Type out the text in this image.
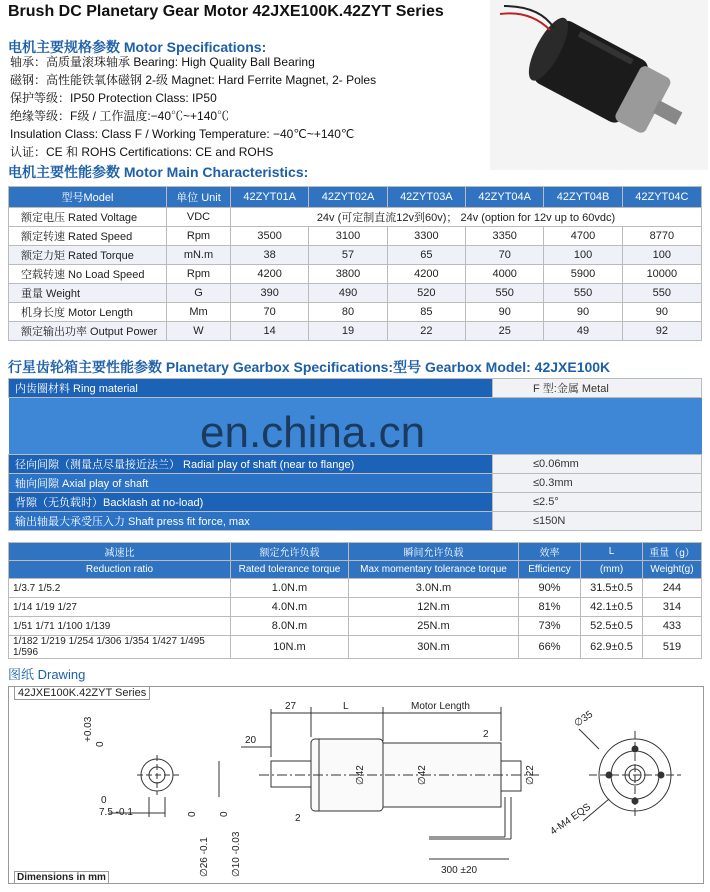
Brush DC Planetary Gear Motor 42JXE100K.42ZYT Series
电机主要规格参数 Motor Specifications:
轴承：高质量滚珠轴承 Bearing: High Quality Ball Bearing
磁钢：高性能铁氧体磁钢 2-级 Magnet: Hard Ferrite Magnet, 2- Poles
保护等级：IP50 Protection Class: IP50
绝缘等级：F级 / 工作温度:−40℃~+140℃
Insulation Class: Class F / Working Temperature: −40℃~+140℃
认证：CE 和 ROHS Certifications: CE and ROHS
电机主要性能参数 Motor Main Characteristics:
型号Model	单位 Unit	42ZYT01A	42ZYT02A	42ZYT03A	42ZYT04A	42ZYT04B	42ZYT04C
额定电压 Rated Voltage	VDC	24v (可定制直流12v到60v)； 24v (option for 12v up to 60vdc)					
额定转速 Rated Speed	Rpm	3500	3100	3300	3350	4700	8770
额定力矩 Rated Torque	mN.m	38	57	65	70	100	100
空载转速 No Load Speed	Rpm	4200	3800	4200	4000	5900	10000
重量 Weight	G	390	490	520	550	550	550
机身长度 Motor Length	Mm	70	80	85	90	90	90
额定输出功率 Output Power	W	14	19	22	25	49	92
行星齿轮箱主要性能参数 Planetary Gearbox Specifications:型号 Gearbox Model: 42JXE100K
内齿圈材料 Ring material	F 型:金属 Metal

径向间隙（测量点尽量接近法兰） Radial play of shaft (near to flange)	≤0.06mm
轴向间隙 Axial play of shaft	≤0.3mm
背隙（无负载时）Backlash at no-load)	≤2.5°
输出轴最大承受压入力 Shaft press fit force, max	≤150N
en.china.cn
减速比	额定允许负载	瞬间允许负载	效率	L	重量（g）
Reduction ratio	Rated tolerance torque	Max momentary tolerance torque	Efficiency	(mm)	Weight(g)
1/3.7 1/5.2	1.0N.m	3.0N.m	90%	31.5±0.5	244
1/14 1/19 1/27	4.0N.m	12N.m	81%	42.1±0.5	314
1/51 1/71 1/100 1/139	8.0N.m	25N.m	73%	52.5±0.5	433
1/182 1/219 1/254 1/306 1/354 1/427 1/495 1/596	10N.m	30N.m	66%	62.9±0.5	519
图纸 Drawing
+0.03
0
7.5 -0.1
0
27	L	Motor Length
20
2
2
∅42	∅42	∅22
∅26 -0.1 ∅10 -0.03
0 0
300 ±20
∅35
4-M4 EQS
42JXE100K.42ZYT Series
Dimensions in mm
